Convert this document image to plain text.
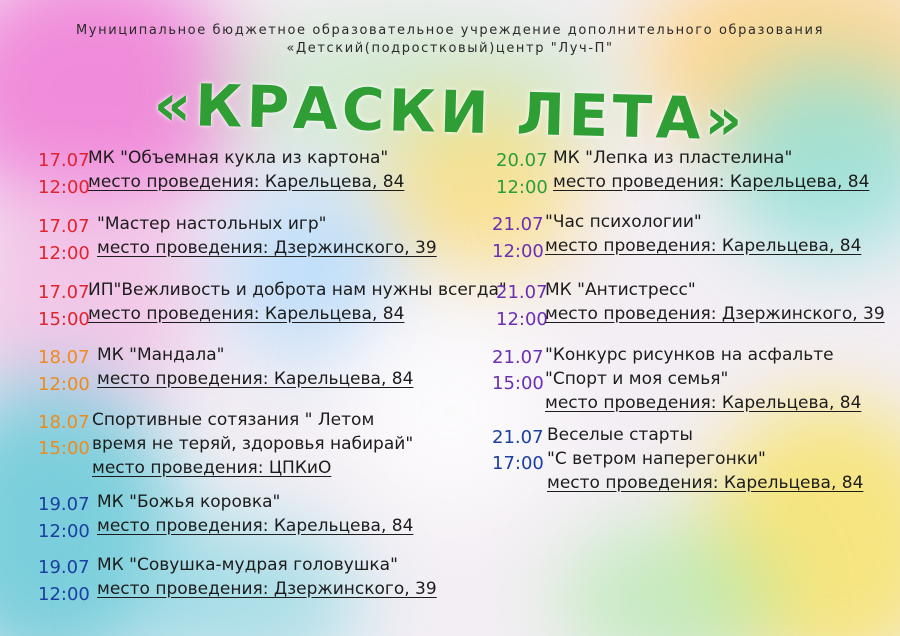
Муниципальное бюджетное образовательное учреждение дополнительного образования
«Детский(подростковый)центр "Луч-П"
«КРАСКИ ЛЕТА»
17.07
12:00
МК "Объемная кукла из картона"
место проведения: Карельцева, 84
17.07
12:00
"Мастер настольных игр"
место проведения: Дзержинского, 39
17.07
15:00
ИП"Вежливость и доброта нам нужны всегда"
место проведения: Карельцева, 84
18.07
12:00
МК "Мандала"
место проведения: Карельцева, 84
18.07
15:00
Спортивные сотязания " Летом
время не теряй, здоровья набирай"
место проведения: ЦПКиО
19.07
12:00
МК "Божья коровка"
место проведения: Карельцева, 84
19.07
12:00
МК "Совушка-мудрая головушка"
место проведения: Дзержинского, 39
20.07
12:00
МК "Лепка из пластелина"
место проведения: Карельцева, 84
21.07
12:00
"Час психологии"
место проведения: Карельцева, 84
21.07
12:00
МК "Антистресс"
место проведения: Дзержинского, 39
21.07
15:00
"Конкурс рисунков на асфальте
"Спорт и моя семья"
место проведения: Карельцева, 84
21.07
17:00
Веселые старты
"С ветром наперегонки"
место проведения: Карельцева, 84
